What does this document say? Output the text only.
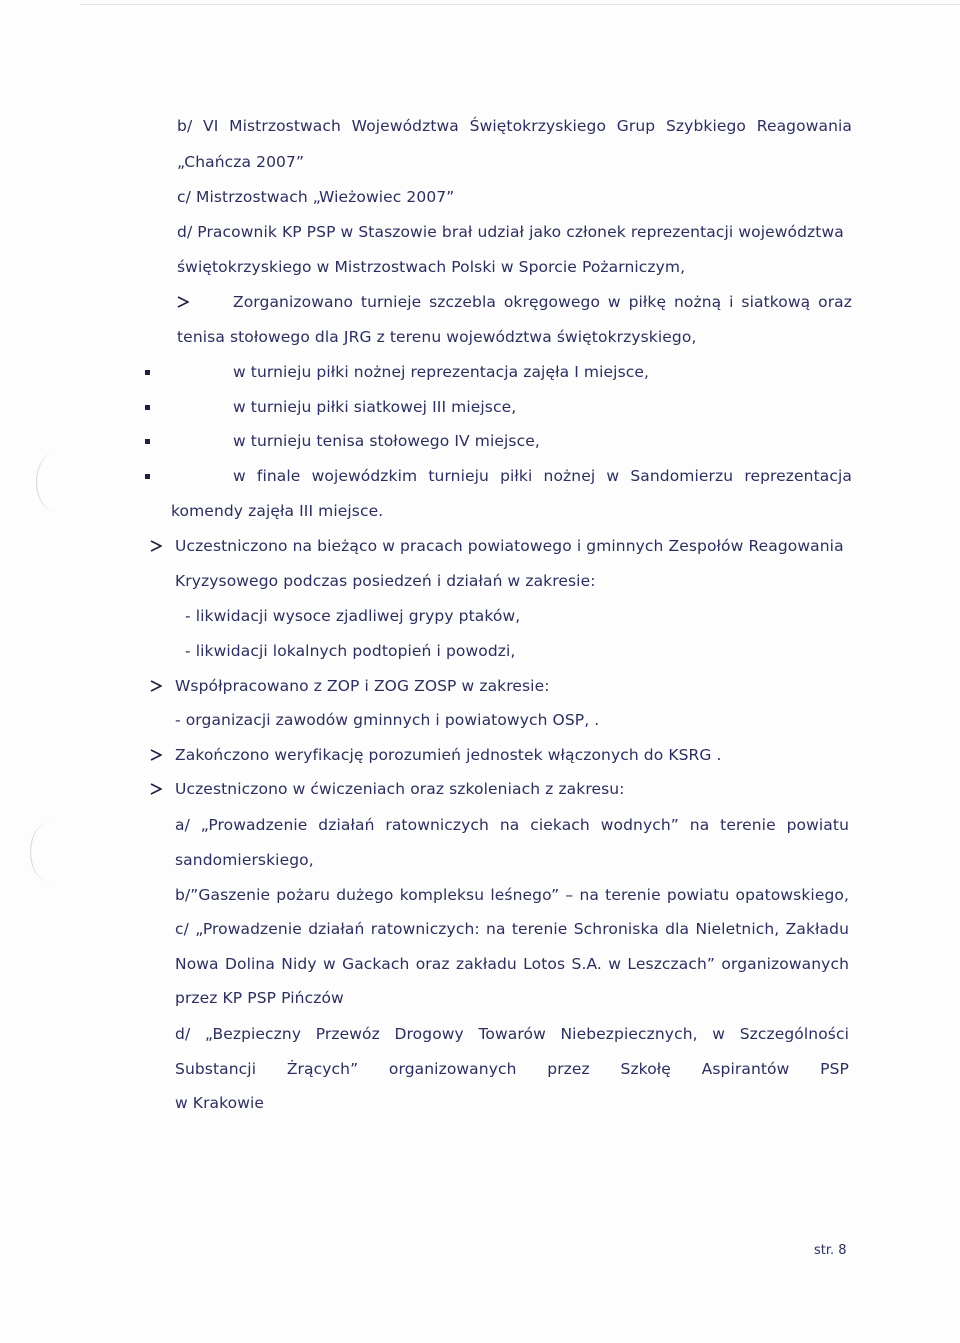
b/ VI Mistrzostwach Województwa Świętokrzyskiego Grup Szybkiego Reagowania
„Chańcza 2007”
c/ Mistrzostwach „Wieżowiec 2007”
d/ Pracownik KP PSP w Staszowie brał udział jako członek reprezentacji województwa
świętokrzyskiego w Mistrzostwach Polski w Sporcie Pożarniczym,
Zorganizowano turnieje szczebla okręgowego w piłkę nożną i siatkową oraz
tenisa stołowego dla JRG z terenu województwa świętokrzyskiego,
w turnieju piłki nożnej reprezentacja zajęła I miejsce,
w turnieju piłki siatkowej III miejsce,
w turnieju tenisa stołowego IV miejsce,
w finale wojewódzkim turnieju piłki nożnej w Sandomierzu reprezentacja
komendy zajęła III miejsce.
Uczestniczono na bieżąco w pracach powiatowego i gminnych Zespołów Reagowania
Kryzysowego podczas posiedzeń i działań w zakresie:
- likwidacji wysoce zjadliwej grypy ptaków,
- likwidacji lokalnych podtopień i powodzi,
Współpracowano z ZOP i ZOG ZOSP w zakresie:
- organizacji zawodów gminnych i powiatowych OSP, .
Zakończono weryfikację porozumień jednostek włączonych do KSRG .
Uczestniczono w ćwiczeniach oraz szkoleniach z zakresu:
a/ „Prowadzenie działań ratowniczych na ciekach wodnych” na terenie powiatu
sandomierskiego,
b/”Gaszenie pożaru dużego kompleksu leśnego” – na terenie powiatu opatowskiego,
c/ „Prowadzenie działań ratowniczych: na terenie Schroniska dla Nieletnich, Zakładu
Nowa Dolina Nidy w Gackach oraz zakładu Lotos S.A. w Leszczach” organizowanych
przez KP PSP Pińczów
d/ „Bezpieczny Przewóz Drogowy Towarów Niebezpiecznych, w Szczególności
Substancji Żrących” organizowanych przez Szkołę Aspirantów PSP
w Krakowie
str. 8
